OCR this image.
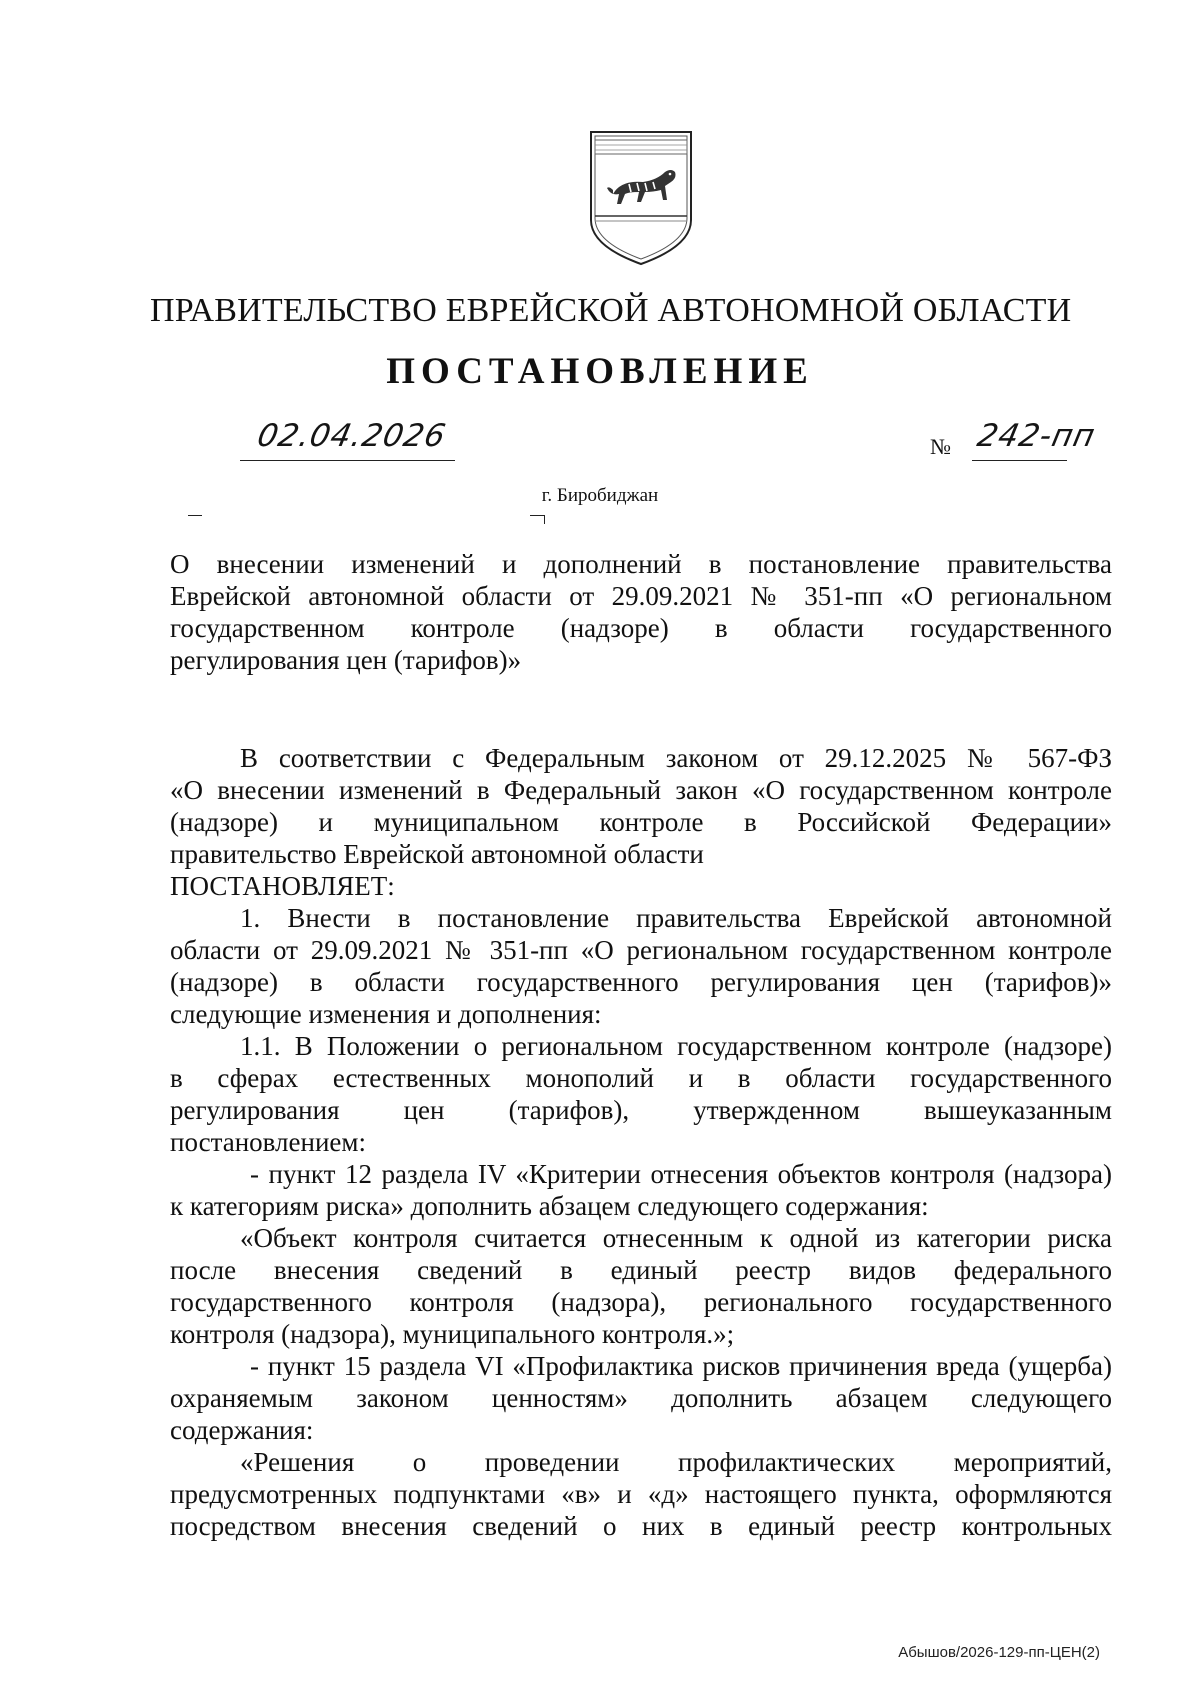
ПРАВИТЕЛЬСТВО ЕВРЕЙСКОЙ АВТОНОМНОЙ ОБЛАСТИ
ПОСТАНОВЛЕНИЕ
02.04.2026	№ 242-пп
г. Биробиджан
О внесении изменений и дополнений в постановление правительства
Еврейской автономной области от 29.09.2021 № 351-пп «О региональном
государственном контроле (надзоре) в области государственного
регулирования цен (тарифов)»
В соответствии с Федеральным законом от 29.12.2025 № 567-ФЗ
«О внесении изменений в Федеральный закон «О государственном контроле
(надзоре) и муниципальном контроле в Российской Федерации»
правительство Еврейской автономной области
ПОСТАНОВЛЯЕТ:
1. Внести в постановление правительства Еврейской автономной
области от 29.09.2021 № 351-пп «О региональном государственном контроле
(надзоре) в области государственного регулирования цен (тарифов)»
следующие изменения и дополнения:
1.1. В Положении о региональном государственном контроле (надзоре)
в сферах естественных монополий и в области государственного
регулирования цен (тарифов), утвержденном вышеуказанным
постановлением:
- пункт 12 раздела IV «Критерии отнесения объектов контроля (надзора)
к категориям риска» дополнить абзацем следующего содержания:
«Объект контроля считается отнесенным к одной из категории риска
после внесения сведений в единый реестр видов федерального
государственного контроля (надзора), регионального государственного
контроля (надзора), муниципального контроля.»;
- пункт 15 раздела VI «Профилактика рисков причинения вреда (ущерба)
охраняемым законом ценностям» дополнить абзацем следующего
содержания:
«Решения о проведении профилактических мероприятий,
предусмотренных подпунктами «в» и «д» настоящего пункта, оформляются
посредством внесения сведений о них в единый реестр контрольных
Абышов/2026-129-пп-ЦЕН(2)
